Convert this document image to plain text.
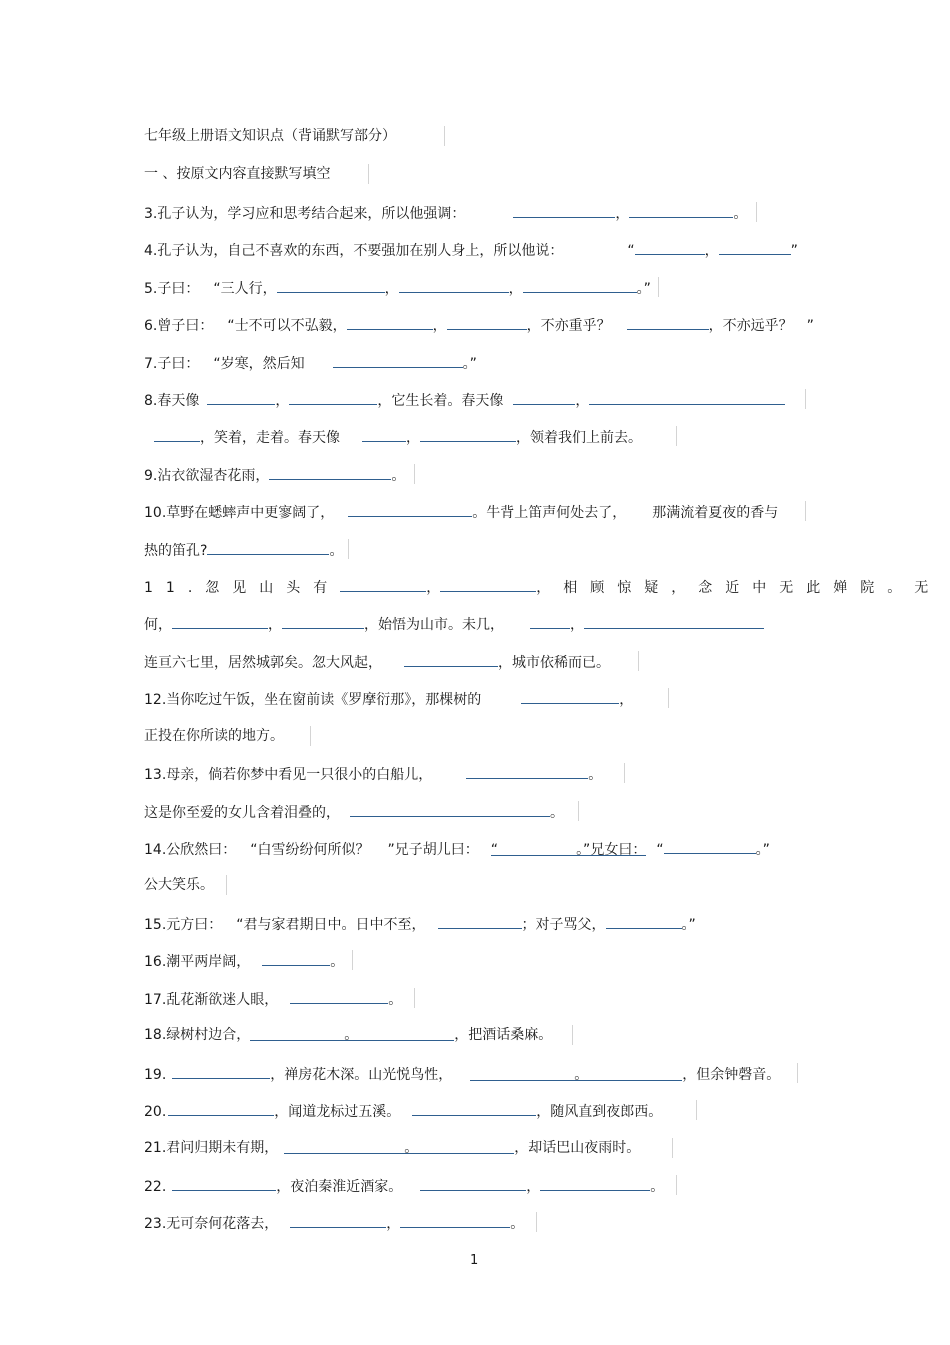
七年级上册语文知识点（背诵默写部分）
一 、按原文内容直接默写填空
3.孔子认为，学习应和思考结合起来，所以他强调：	，	。
4.孔子认为，自己不喜欢的东西，不要强加在别人身上，所以他说：	“	，	”
5.子曰： “三人行，	，	，	。”
6.曾子曰： “士不可以不弘毅，	，	，不亦重乎？	，不亦远乎？ ”
7.子曰： “岁寒，然后知	。”
8.春天像	，	，它生长着。春天像	，
，笑着，走着。春天像	，	，领着我们上前去。
9.沾衣欲湿杏花雨，	。
10.草野在蟋蟀声中更寥阔了，	。牛背上笛声何处去了， 那满流着夏夜的香与
热的笛孔?	。
11.忽见山头有	，	，相顾惊疑，念近中无此婵院。无
何，	，	，始悟为山市。未几，	，
连亘六七里，居然城郭矣。忽大风起，	，城市依稀而已。
12.当你吃过午饭，坐在窗前读《罗摩衍那》，那棵树的	，
正投在你所读的地方。
13.母亲，倘若你梦中看见一只很小的白船儿，	。
这是你至爱的女儿含着泪叠的，	。
14.公欣然曰： “白雪纷纷何所似？ ”兄子胡儿曰： “	。”兄女曰： “	。”
公大笑乐。
15.元方曰： “君与家君期日中。日中不至，	；对子骂父，	。”
16.潮平两岸阔，	。
17.乱花渐欲迷人眼，	。
18.绿树村边合，	。	，把酒话桑麻。
19.	，禅房花木深。山光悦鸟性，	。	，但余钟磬音。
20.	，闻道龙标过五溪。	，随风直到夜郎西。
21.君问归期未有期，	。	，却话巴山夜雨时。
22.	，夜泊秦淮近酒家。	，	。
23.无可奈何花落去，	，	。
1
